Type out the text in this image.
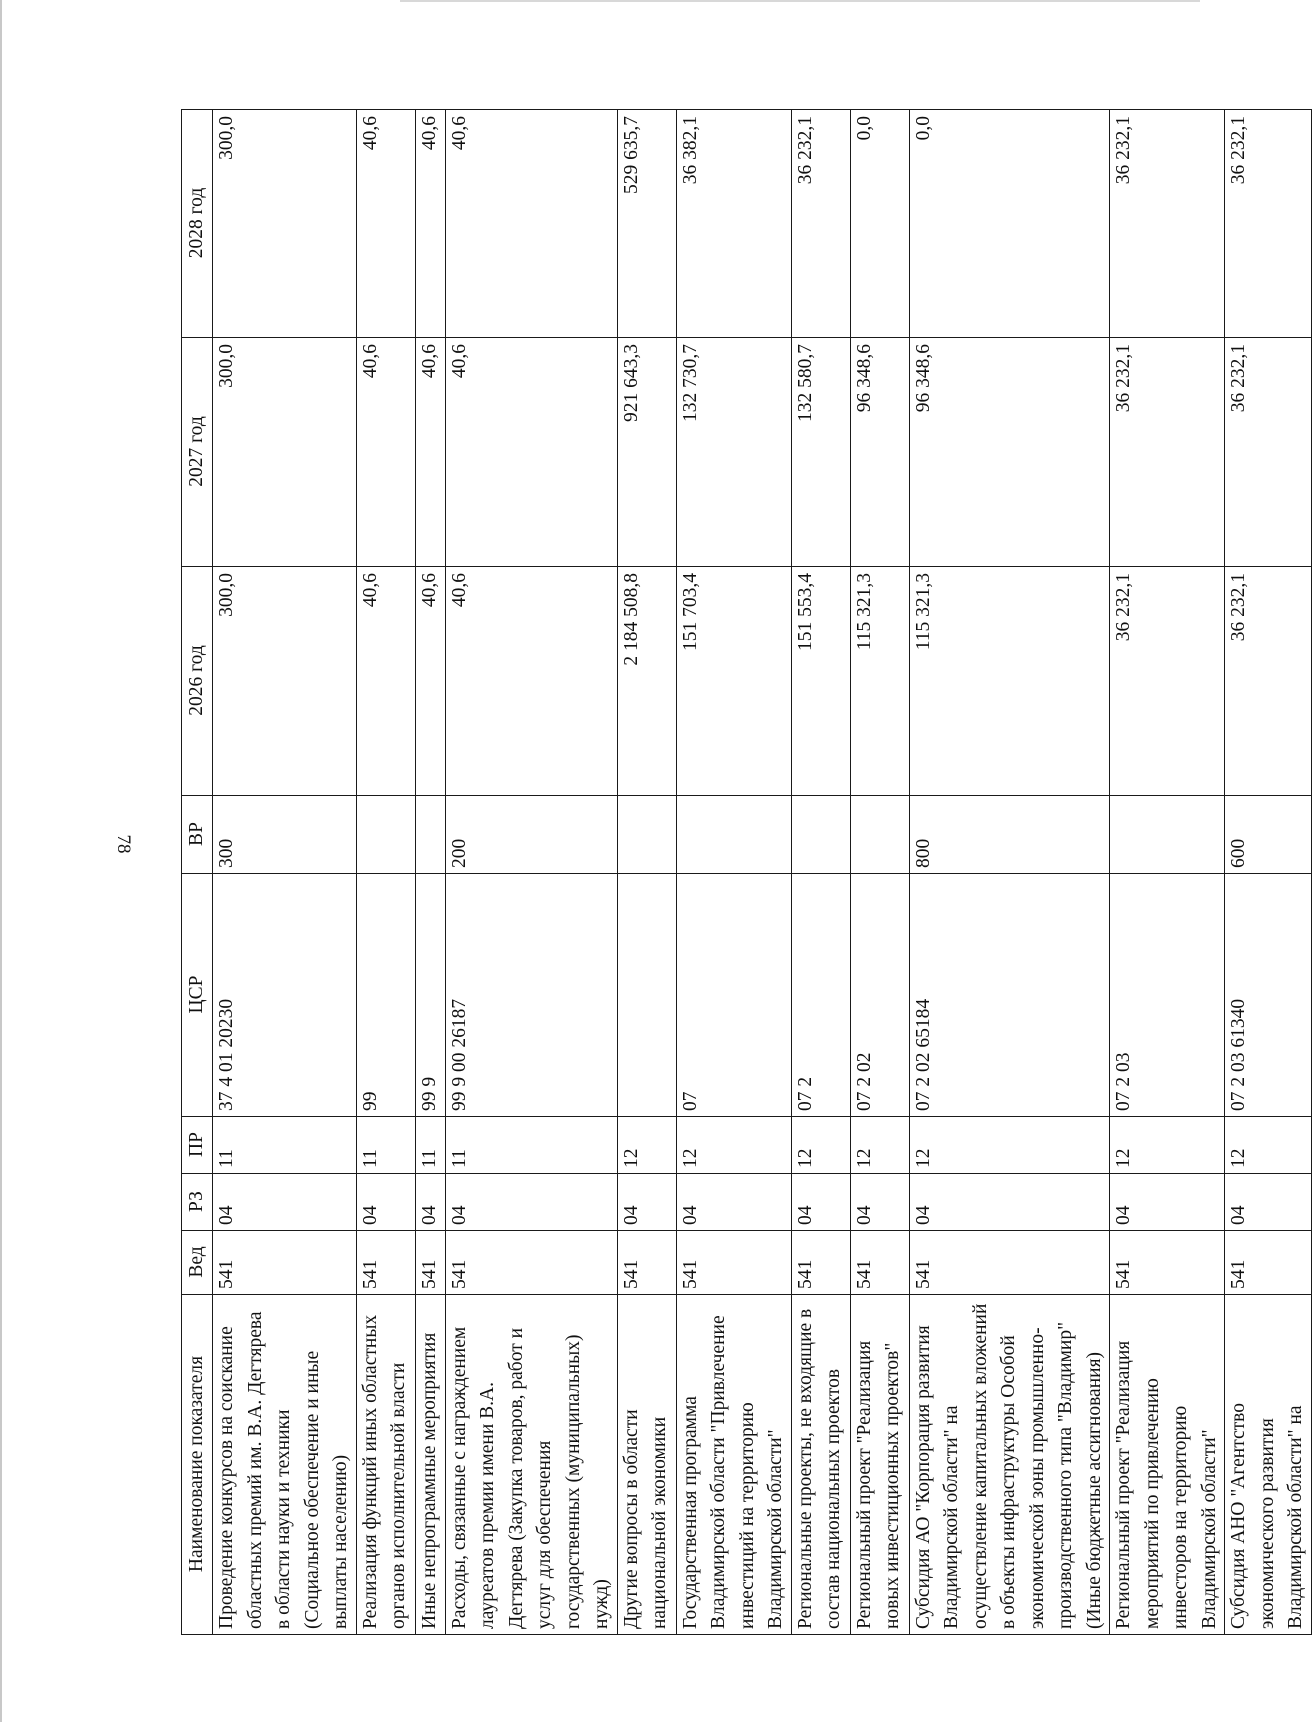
78
Наименование показателя	Вед	РЗ	ПР	ЦСР	ВР	2026 год	2027 год	2028 год
Проведение конкурсов на соискание областных премий им. В.А. Дегтярева в области науки и техники (Социальное обеспечение и иные выплаты населению)	541	04	11	37 4 01 20230	300	300,0	300,0	300,0
Реализация функций иных областных органов исполнительной власти	541	04	11	99		40,6	40,6	40,6
Иные непрограммные мероприятия	541	04	11	99 9		40,6	40,6	40,6
Расходы, связанные с награждением лауреатов премии имени В.А. Дегтярева (Закупка товаров, работ и услуг для обеспечения государственных (муниципальных) нужд)	541	04	11	99 9 00 26187	200	40,6	40,6	40,6
Другие вопросы в области национальной экономики	541	04	12			2 184 508,8	921 643,3	529 635,7
Государственная программа Владимирской области "Привлечение инвестиций на территорию Владимирской области"	541	04	12	07		151 703,4	132 730,7	36 382,1
Региональные проекты, не входящие в состав национальных проектов	541	04	12	07 2		151 553,4	132 580,7	36 232,1
Региональный проект "Реализация новых инвестиционных проектов"	541	04	12	07 2 02		115 321,3	96 348,6	0,0
Субсидия АО "Корпорация развития Владимирской области" на осуществление капитальных вложений в объекты инфраструктуры Особой экономической зоны промышленно-производственного типа "Владимир" (Иные бюджетные ассигнования)	541	04	12	07 2 02 65184	800	115 321,3	96 348,6	0,0
Региональный проект "Реализация мероприятий по привлечению инвесторов на территорию Владимирской области"	541	04	12	07 2 03		36 232,1	36 232,1	36 232,1
Субсидия АНО "Агентство экономического развития Владимирской области" на	541	04	12	07 2 03 61340	600	36 232,1	36 232,1	36 232,1
